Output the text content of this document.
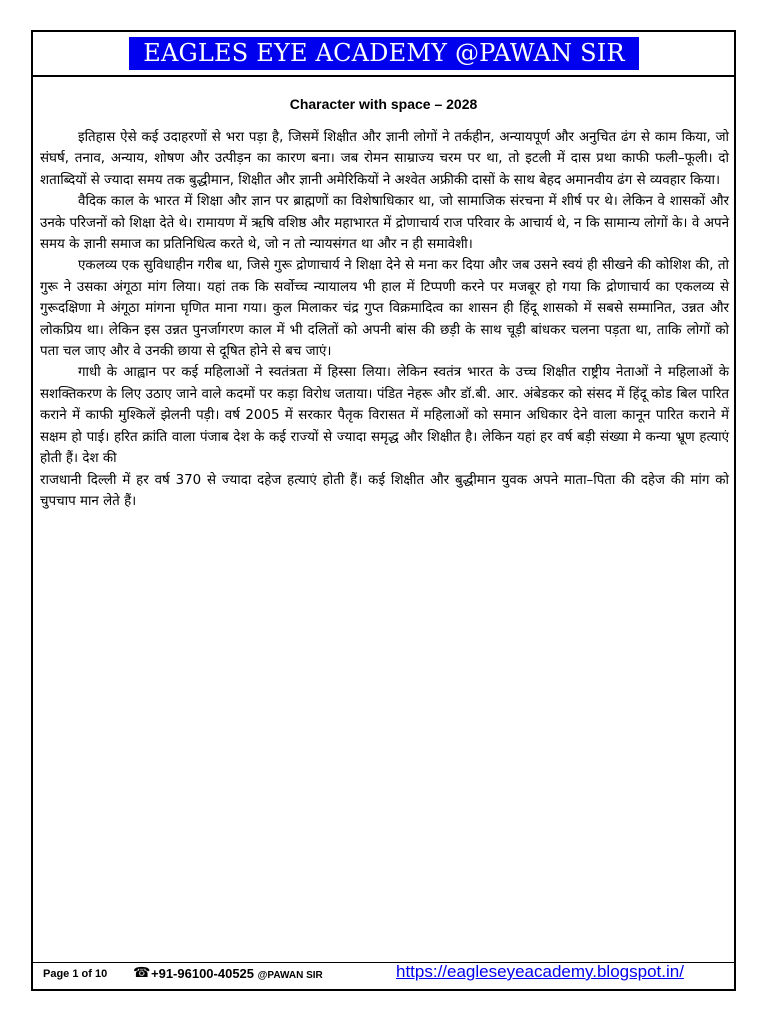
EAGLES EYE ACADEMY @PAWAN SIR
Character with space – 2028

इतिहास ऐसे कई उदाहरणों से भरा पड़ा है, जिसमें शिक्षीत और ज्ञानी लोगों ने तर्कहीन, अन्यायपूर्ण और अनुचित ढंग से काम किया, जो संघर्ष, तनाव, अन्याय, शोषण और उत्पीड़न का कारण बना। जब रोमन साम्राज्य चरम पर था, तो इटली में दास प्रथा काफी फली–फूली। दो शताब्दियों से ज्यादा समय तक बुद्धीमान, शिक्षीत और ज्ञानी अमेरिकियों ने अश्वेत अफ्रीकी दासों के साथ बेहद अमानवीय ढंग से व्यवहार किया।

वैदिक काल के भारत में शिक्षा और ज्ञान पर ब्राह्मणों का विशेषाधिकार था, जो सामाजिक संरचना में शीर्ष पर थे। लेकिन वे शासकों और उनके परिजनों को शिक्षा देते थे। रामायण में ऋषि वशिष्ठ और महाभारत में द्रोणाचार्य राज परिवार के आचार्य थे, न कि सामान्य लोगों के। वे अपने समय के ज्ञानी समाज का प्रतिनिधित्व करते थे, जो न तो न्यायसंगत था और न ही समावेशी।

एकलव्य एक सुविधाहीन गरीब था, जिसे गुरू द्रोणाचार्य ने शिक्षा देने से मना कर दिया और जब उसने स्वयं ही सीखने की कोशिश की, तो गुरू ने उसका अंगूठा मांग लिया। यहां तक कि सर्वोच्च न्यायालय भी हाल में टिप्पणी करने पर मजबूर हो गया कि द्रोणाचार्य का एकलव्य से गुरूदक्षिणा मे अंगूठा मांगना घृणित माना गया। कुल मिलाकर चंद्र गुप्त विक्रमादित्व का शासन ही हिंदू शासको में सबसे सम्मानित, उन्नत और लोकप्रिय था। लेकिन इस उन्नत पुनर्जागरण काल में भी दलितों को अपनी बांस की छड़ी के साथ चूड़ी बांधकर चलना पड़ता था, ताकि लोगों को पता चल जाए और वे उनकी छाया से दूषित होने से बच जाएं।

गाधी के आह्वान पर कई महिलाओं ने स्वतंत्रता में हिस्सा लिया। लेकिन स्वतंत्र भारत के उच्च शिक्षीत राष्ट्रीय नेताओं ने महिलाओं के सशक्तिकरण के लिए उठाए जाने वाले कदमों पर कड़ा विरोध जताया। पंडित नेहरू और डॉ.बी. आर. अंबेडकर को संसद में हिंदू कोड बिल पारित कराने में काफी मुश्किलें झेलनी पड़ी। वर्ष 2005 में सरकार पैतृक विरासत में महिलाओं को समान अधिकार देने वाला कानून पारित कराने में सक्षम हो पाई। हरित क्रांति वाला पंजाब देश के कई राज्यों से ज्यादा समृद्ध और शिक्षीत है। लेकिन यहां हर वर्ष बड़ी संख्या मे कन्या भ्रूण हत्याएं होती हैं। देश की

राजधानी दिल्ली में हर वर्ष 370 से ज्यादा दहेज हत्याएं होती हैं। कई शिक्षीत और बुद्धीमान युवक अपने माता–पिता की दहेज की मांग को चुपचाप मान लेते हैं।

Page 1 of 10 ☎ +91-96100-40525 @PAWAN SIR	https://eagleseyeacademy.blogspot.in/
